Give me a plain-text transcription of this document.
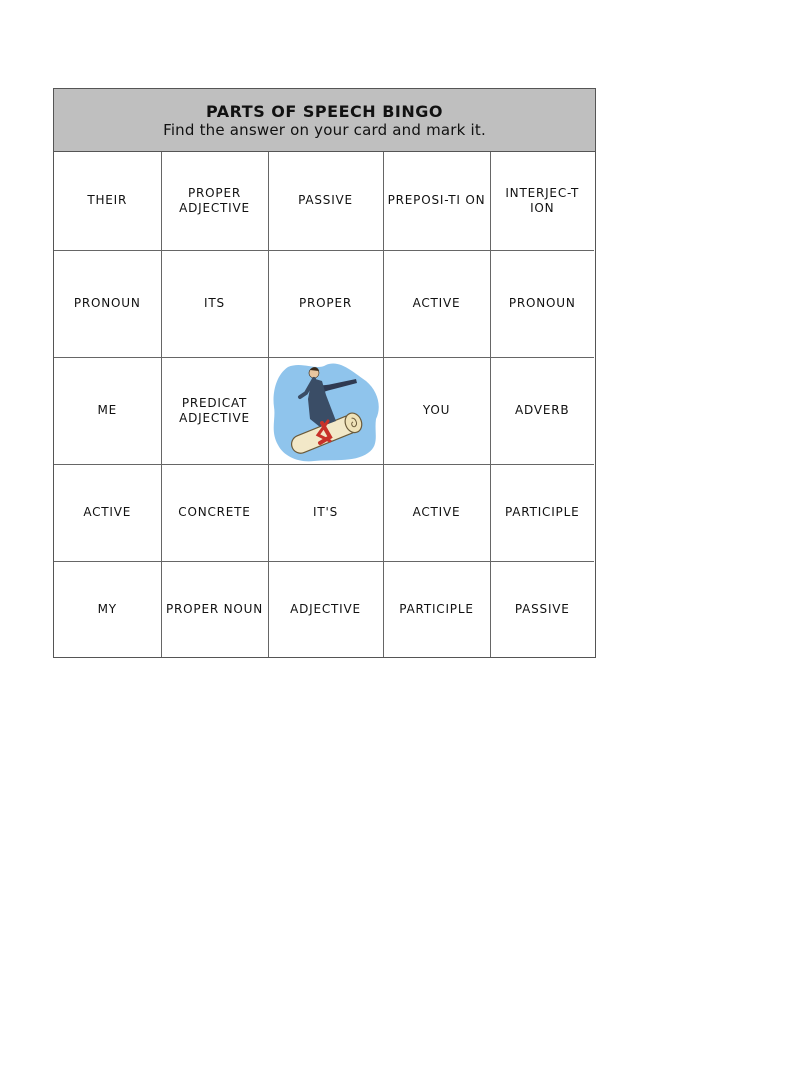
PARTS OF SPEECH BINGO
Find the answer on your card and mark it.
THEIR	PROPER ADJECTIVE	PASSIVE	PREPOSI-TI ON	INTERJEC-T ION
PRONOUN	ITS	PROPER	ACTIVE	PRONOUN
ME	PREDICAT ADJECTIVE		YOU	ADVERB
ACTIVE	CONCRETE	IT'S	ACTIVE	PARTICIPLE
MY	PROPER NOUN	ADJECTIVE	PARTICIPLE	PASSIVE
